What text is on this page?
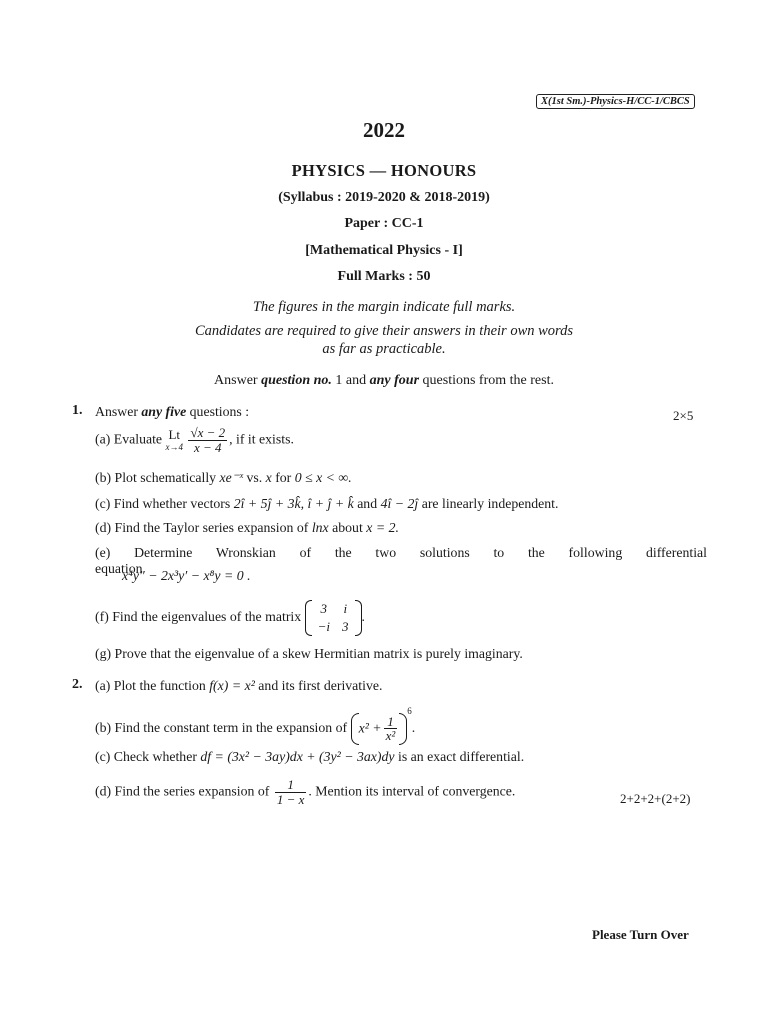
X(1st Sm.)-Physics-H/CC-1/CBCS
2022
PHYSICS — HONOURS
(Syllabus : 2019-2020 & 2018-2019)
Paper : CC-1
[Mathematical Physics - I]
Full Marks : 50
The figures in the margin indicate full marks.
Candidates are required to give their answers in their own words
as far as practicable.
Answer question no. 1 and any four questions from the rest.
1. Answer any five questions :	2×5
(a) Evaluate Lt
x→4
$\frac{√x - 2}{x - 4}$ , if it exists.
(b) Plot schematically xe⁻ˣ vs. x for 0 ≤ x < ∞.
(c) Find whether vectors 2î + 5ĵ + 3k̂, î + ĵ + k̂ and 4î − 2ĵ are linearly independent.
(d) Find the Taylor series expansion of lnx about x = 2.
(e) Determine Wronskian of the two solutions to the following differential equation
x⁴y″ − 2x³y′ − x⁸y = 0 .
(f) Find the eigenvalues of the matrix
3	i
−i	3
.
(g) Prove that the eigenvalue of a skew Hermitian matrix is purely imaginary.
2. (a) Plot the function f(x) = x² and its first derivative.
(b) Find the constant term in the expansion of $x^2 + \frac{1}{\text{x²}}$
$^6$.
(c) Check whether df = (3x² − 3ay)dx + (3y² − 3ax)dy is an exact differential.
(d) Find the series expansion of $\frac{1}{1 - x}$ . Mention its interval of convergence.
2+2+2+(2+2)
Please Turn Over
